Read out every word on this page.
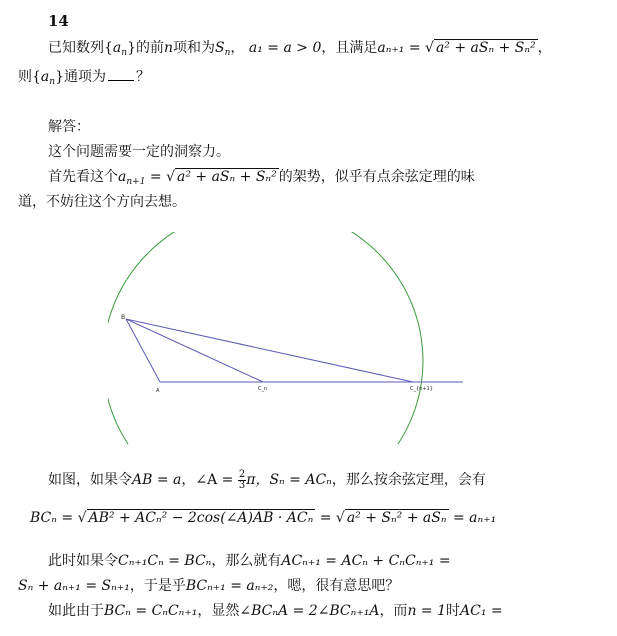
14
已知数列$\{a_n\}$的前n项和为$S_n$， a₁ = a > 0，且满足aₙ₊₁ = √ a² + aSₙ + Sₙ² ，
则$\{a_n\}$通项为 ？
解答：
这个问题需要一定的洞察力。
首先看这个$a_{n+1}$ = √ a² + aSₙ + Sₙ² 的架势，似乎有点余弦定理的味
道，不妨往这个方向去想。
B
A	C_n	C_{n+1}
如图，如果令AB = a，∠A = $\frac{2}{3}$ π，Sₙ = ACₙ，那么按余弦定理，会有
BCₙ = √ AB² + ACₙ² − 2cos(∠A)AB · ACₙ = √ a² + Sₙ² + aSₙ = aₙ₊₁
此时如果令Cₙ₊₁Cₙ = BCₙ，那么就有ACₙ₊₁ = ACₙ + CₙCₙ₊₁ =
Sₙ + aₙ₊₁ = Sₙ₊₁，于是乎BCₙ₊₁ = aₙ₊₂，嗯，很有意思吧？
如此由于BCₙ = CₙCₙ₊₁，显然∠BCₙA = 2∠BCₙ₊₁A，而n = 1时AC₁ =
